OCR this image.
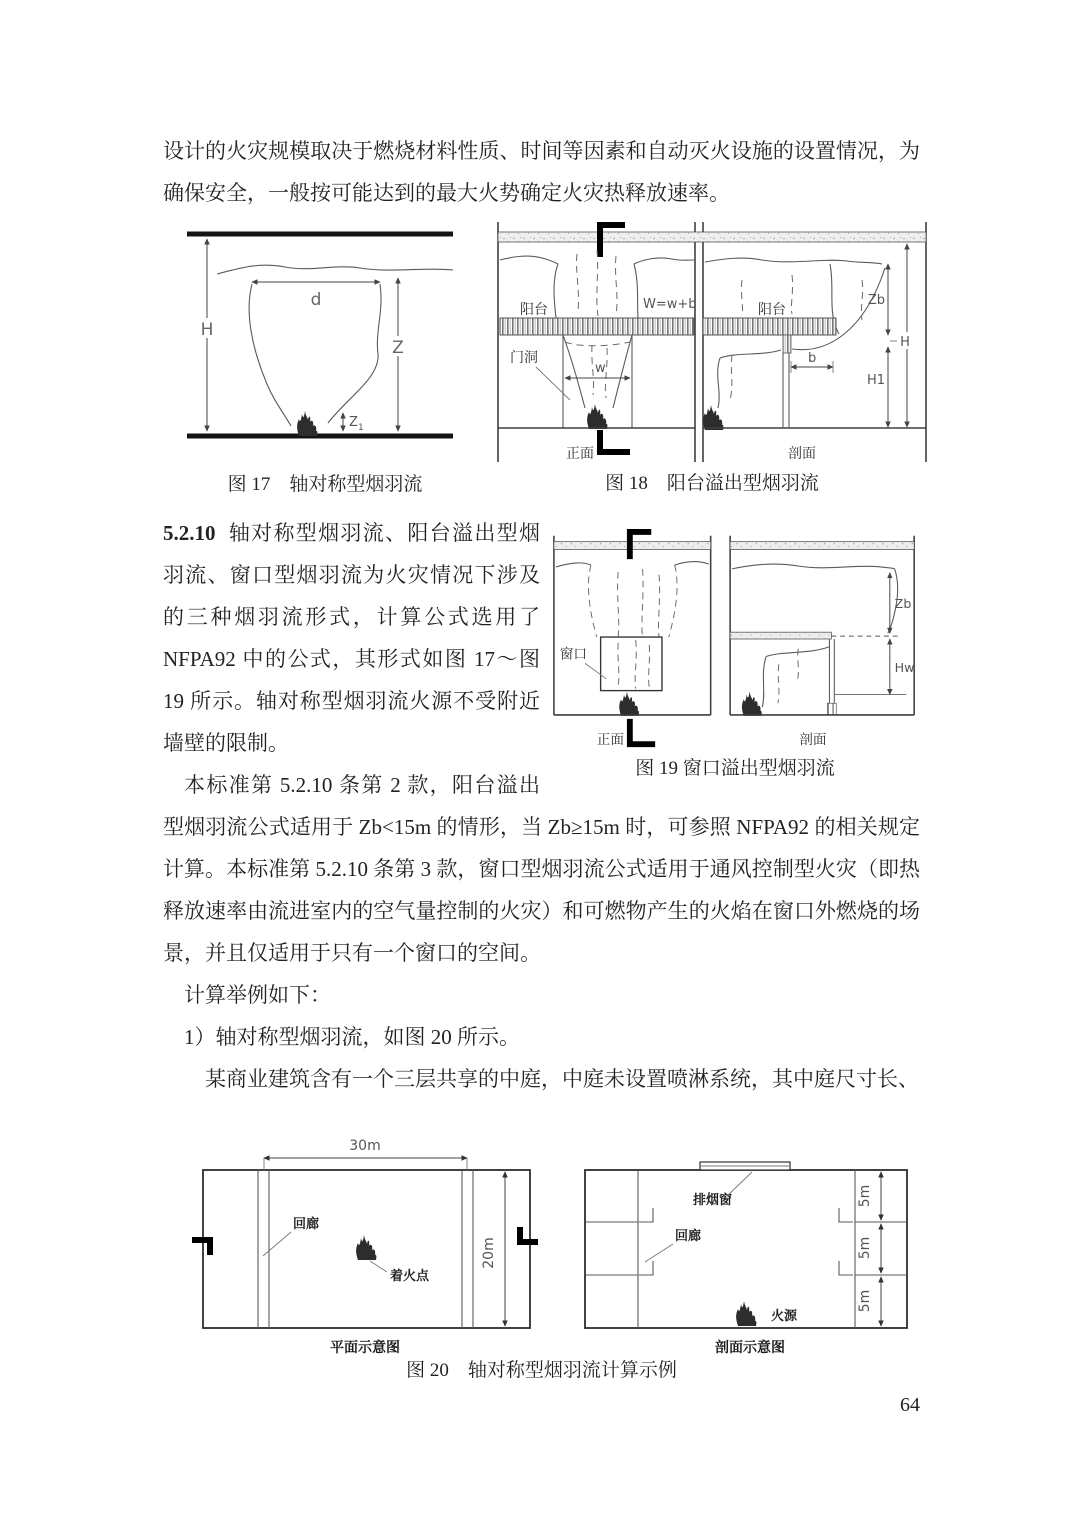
设计的火灾规模取决于燃烧材料性质、时间等因素和自动灭火设施的设置情况，为确保安全，一般按可能达到的最大火势确定火灾热释放速率。

H
d
Z
Z 1
图 17　轴对称型烟羽流
阳台	W=w+b
w
门洞
正面
阳台
b
Zb
H1
H
剖面
图 18　阳台溢出型烟羽流
窗口
正面
Zb
Hw
剖面
图 19 窗口溢出型烟羽流

5.2.10 轴对称型烟羽流、阳台溢出型烟羽流、窗口型烟羽流为火灾情况下涉及的三种烟羽流形式，计算公式选用了 NFPA92 中的公式，其形式如图 17～图 19 所示。轴对称型烟羽流火源不受附近墙壁的限制。

本标准第 5.2.10 条第 2 款，阳台溢出型烟羽流公式适用于 Zb<15m 的情形，当 Zb≥15m 时，可参照 NFPA92 的相关规定计算。本标准第 5.2.10 条第 3 款，窗口型烟羽流公式适用于通风控制型火灾（即热释放速率由流进室内的空气量控制的火灾）和可燃物产生的火焰在窗口外燃烧的场景，并且仅适用于只有一个窗口的空间。

计算举例如下：

1）轴对称型烟羽流，如图 20 所示。

某商业建筑含有一个三层共享的中庭，中庭未设置喷淋系统，其中庭尺寸长、

30m
20m
回廊
着火点
平面示意图
排烟窗	5m
5m
5m
回廊
火源
剖面示意图
图 20　轴对称型烟羽流计算示例
64
